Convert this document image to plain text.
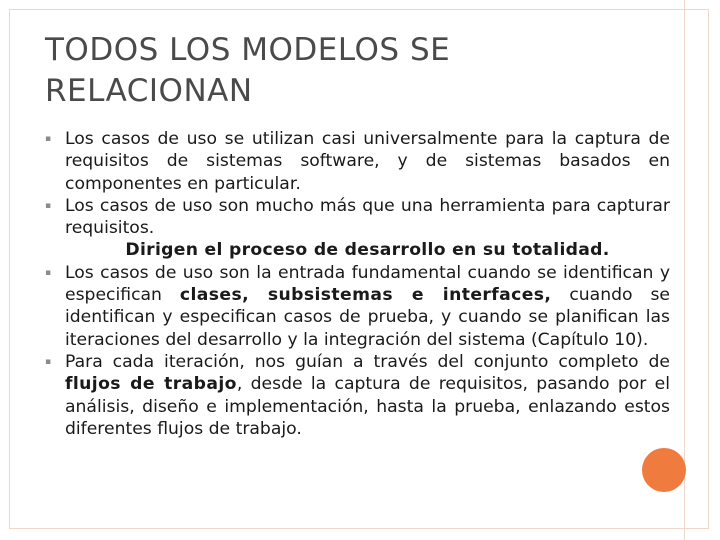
TODOS LOS MODELOS SE RELACIONAN
▪ Los casos de uso se utilizan casi universalmente para la captura de requisitos de sistemas software, y de sistemas basados en componentes en particular.
▪ Los casos de uso son mucho más que una herramienta para capturar requisitos.
Dirigen el proceso de desarrollo en su totalidad.
▪ Los casos de uso son la entrada fundamental cuando se identifican y especifican clases, subsistemas e interfaces, cuando se identifican y especifican casos de prueba, y cuando se planifican las iteraciones del desarrollo y la integración del sistema (Capítulo 10).
▪ Para cada iteración, nos guían a través del conjunto completo de flujos de trabajo, desde la captura de requisitos, pasando por el análisis, diseño e implementación, hasta la prueba, enlazando estos diferentes flujos de trabajo.
